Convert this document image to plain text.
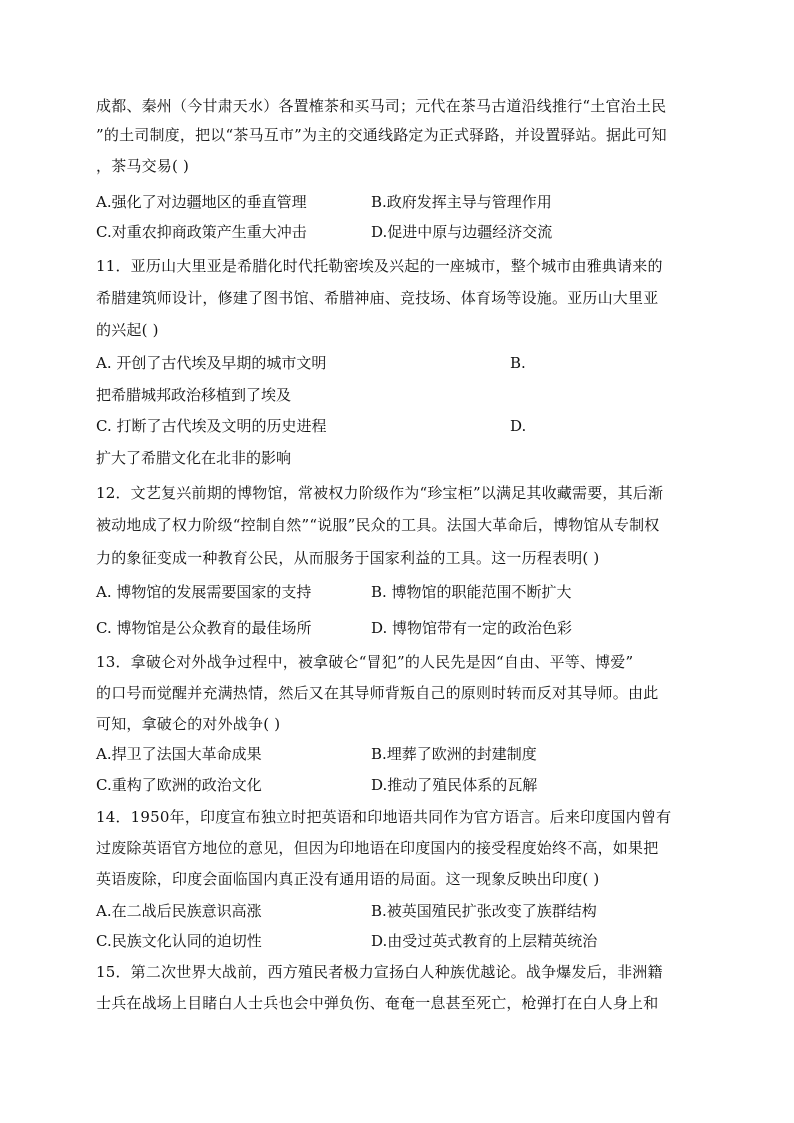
成都、秦州（今甘肃天水）各置榷茶和买马司；元代在茶马古道沿线推行“土官治土民
”的土司制度，把以“茶马互市”为主的交通线路定为正式驿路，并设置驿站。据此可知
，茶马交易( )
A.强化了对边疆地区的垂直管理	B.政府发挥主导与管理作用
C.对重农抑商政策产生重大冲击	D.促进中原与边疆经济交流
11．亚历山大里亚是希腊化时代托勒密埃及兴起的一座城市，整个城市由雅典请来的
希腊建筑师设计，修建了图书馆、希腊神庙、竞技场、体育场等设施。亚历山大里亚
的兴起( )
A. 开创了古代埃及早期的城市文明	B.
把希腊城邦政治移植到了埃及
C. 打断了古代埃及文明的历史进程	D.
扩大了希腊文化在北非的影响
12．文艺复兴前期的博物馆，常被权力阶级作为“珍宝柜”以满足其收藏需要，其后渐
被动地成了权力阶级“控制自然”“说服”民众的工具。法国大革命后，博物馆从专制权
力的象征变成一种教育公民，从而服务于国家利益的工具。这一历程表明( )
A. 博物馆的发展需要国家的支持	B. 博物馆的职能范围不断扩大
C. 博物馆是公众教育的最佳场所	D. 博物馆带有一定的政治色彩
13．拿破仑对外战争过程中，被拿破仑“冒犯”的人民先是因“自由、平等、博爱”
的口号而觉醒并充满热情，然后又在其导师背叛自己的原则时转而反对其导师。由此
可知，拿破仑的对外战争( )
A.捍卫了法国大革命成果	B.埋葬了欧洲的封建制度
C.重构了欧洲的政治文化	D.推动了殖民体系的瓦解
14．1950年，印度宣布独立时把英语和印地语共同作为官方语言。后来印度国内曾有
过废除英语官方地位的意见，但因为印地语在印度国内的接受程度始终不高，如果把
英语废除，印度会面临国内真正没有通用语的局面。这一现象反映出印度( )
A.在二战后民族意识高涨	B.被英国殖民扩张改变了族群结构
C.民族文化认同的迫切性	D.由受过英式教育的上层精英统治
15．第二次世界大战前，西方殖民者极力宣扬白人种族优越论。战争爆发后，非洲籍
士兵在战场上目睹白人士兵也会中弹负伤、奄奄一息甚至死亡，枪弹打在白人身上和
